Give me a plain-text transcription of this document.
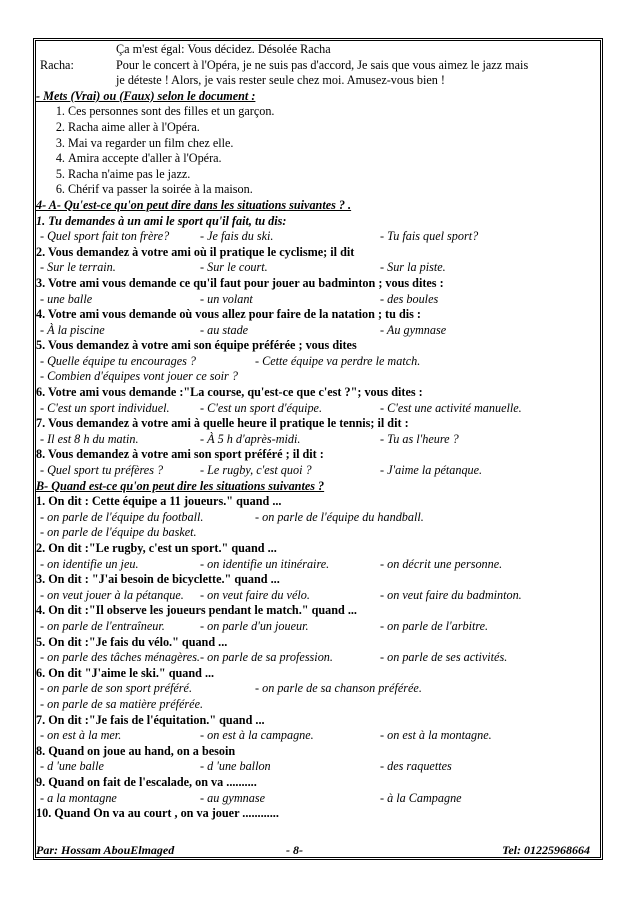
Ça m'est égal: Vous décidez. Désolée Racha
Racha:	Pour le concert à l'Opéra, je ne suis pas d'accord, Je sais que vous aimez le jazz mais
je déteste ! Alors, je vais rester seule chez moi. Amusez-vous bien !
- Mets (Vrai) ou (Faux) selon le document :
1. Ces personnes sont des filles et un garçon.
2. Racha aime aller à l'Opéra.
3. Mai va regarder un film chez elle.
4. Amira accepte d'aller à l'Opéra.
5. Racha n'aime pas le jazz.
6. Chérif va passer la soirée à la maison.
4- A- Qu'est-ce qu'on peut dire dans les situations suivantes ? .
1. Tu demandes à un ami le sport qu'il fait, tu dis:
- Quel sport fait ton frère?	- Je fais du ski.	- Tu fais quel sport?
2. Vous demandez à votre ami où il pratique le cyclisme; il dit
- Sur le terrain.	- Sur le court.	- Sur la piste.
3. Votre ami vous demande ce qu'il faut pour jouer au badminton ; vous dites :
- une balle	- un volant	- des boules
4. Votre ami vous demande où vous allez pour faire de la natation ; tu dis :
- À la piscine	- au stade	- Au gymnase
5. Vous demandez à votre ami son équipe préférée ; vous dites
- Quelle équipe tu encourages ?	- Cette équipe va perdre le match.
- Combien d'équipes vont jouer ce soir ?
6. Votre ami vous demande :"La course, qu'est-ce que c'est ?"; vous dites :
- C'est un sport individuel. - C'est un sport d'équipe.	- C'est une activité manuelle.
7. Vous demandez à votre ami à quelle heure il pratique le tennis; il dit :
- Il est 8 h du matin.	- À 5 h d'après-midi.	- Tu as l'heure ?
8. Vous demandez à votre ami son sport préféré ; il dit :
- Quel sport tu préfères ?	- Le rugby, c'est quoi ?	- J'aime la pétanque.
B- Quand est-ce qu'on peut dire les situations suivantes ?
1. On dit : Cette équipe a 11 joueurs." quand ...
- on parle de l'équipe du football.	- on parle de l'équipe du handball.
- on parle de l'équipe du basket.
2. On dit :"Le rugby, c'est un sport." quand ...
- on identifie un jeu.	- on identifie un itinéraire.	- on décrit une personne.
3. On dit : "J'ai besoin de bicyclette." quand ...
- on veut jouer à la pétanque. - on veut faire du vélo.	- on veut faire du badminton.
4. On dit :"Il observe les joueurs pendant le match." quand ...
- on parle de l'entraîneur.	- on parle d'un joueur.	- on parle de l'arbitre.
5. On dit :"Je fais du vélo." quand ...
- on parle des tâches ménagères. - on parle de sa profession.	- on parle de ses activités.
6. On dit "J'aime le ski." quand ...
- on parle de son sport préféré.	- on parle de sa chanson préférée.
- on parle de sa matière préférée.
7. On dit :"Je fais de l'équitation." quand ...
- on est à la mer.	- on est à la campagne.	- on est à la montagne.
8. Quand on joue au hand, on a besoin
- d 'une balle	- d 'une ballon	- des raquettes
9. Quand on fait de l'escalade, on va ..........
- a la montagne	- au gymnase	- à la Campagne
10. Quand On va au court , on va jouer ............
Par: Hossam AbouElmaged	- 8-	Tel: 01225968664
